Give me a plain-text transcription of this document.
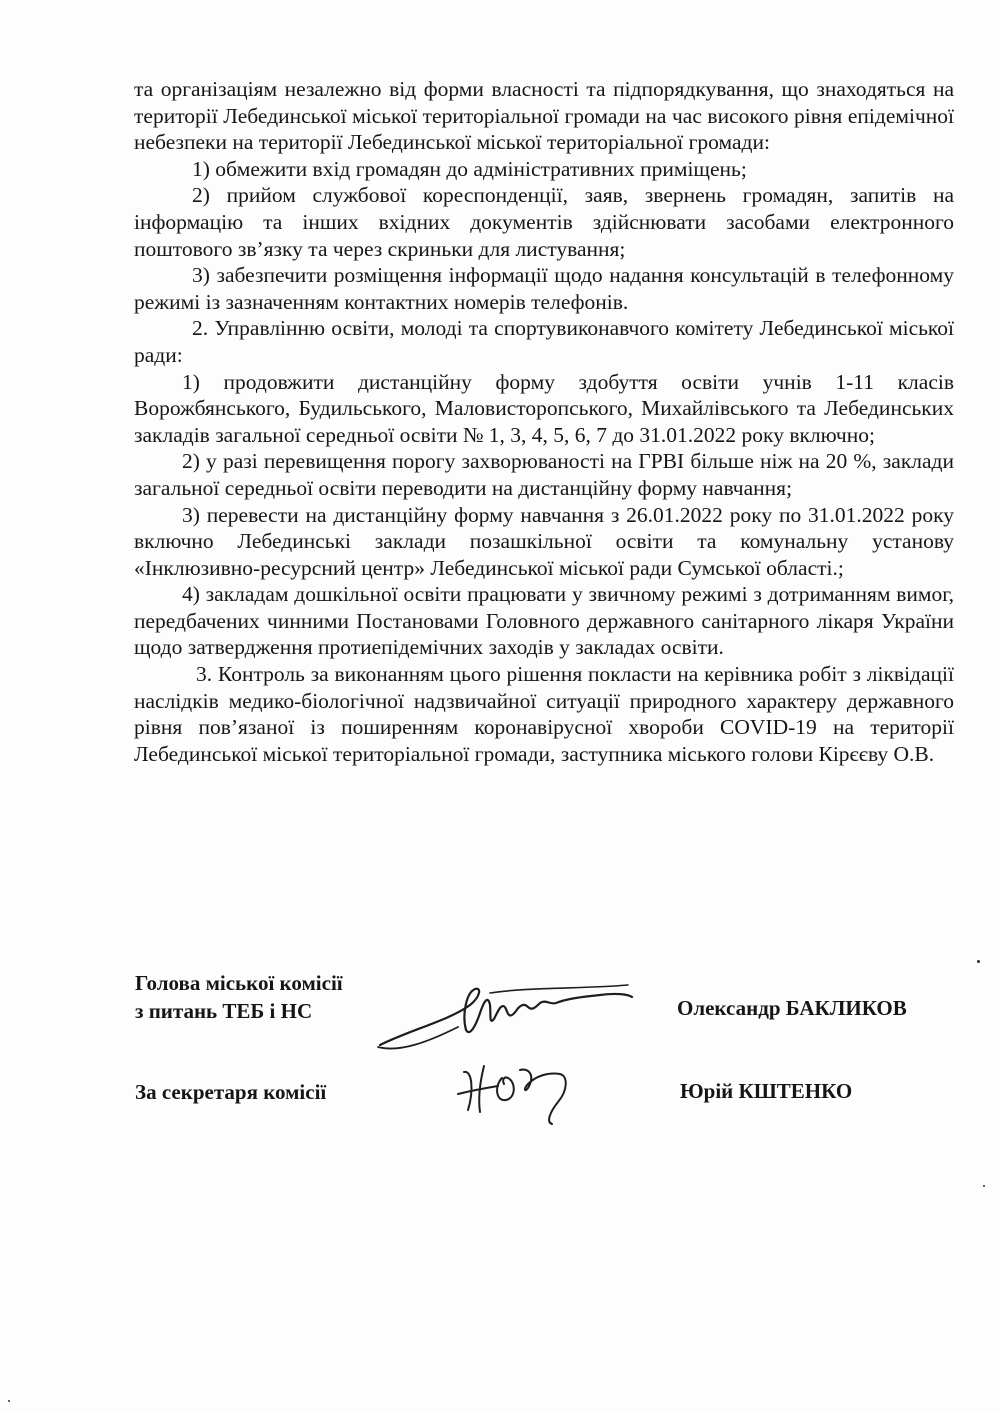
та організаціям незалежно від форми власності та підпорядкування, що знаходяться на території Лебединської міської територіальної громади на час високого рівня епідемічної небезпеки на території Лебединської міської територіальної громади:

1) обмежити вхід громадян до адміністративних приміщень;

2) прийом службової кореспонденції, заяв, звернень громадян, запитів на інформацію та інших вхідних документів здійснювати засобами електронного поштового зв’язку та через скриньки для листування;

3) забезпечити розміщення інформації щодо надання консультацій в телефонному режимі із зазначенням контактних номерів телефонів.

2. Управлінню освіти, молоді та спортувиконавчого комітету Лебединської міської ради:

1) продовжити дистанційну форму здобуття освіти учнів 1-11 класів Ворожбянського, Будильського, Маловисторопського, Михайлівського та Лебединських закладів загальної середньої освіти № 1, 3, 4, 5, 6, 7 до 31.01.2022 року включно;

2) у разі перевищення порогу захворюваності на ГРВІ більше ніж на 20 %, заклади загальної середньої освіти переводити на дистанційну форму навчання;

3) перевести на дистанційну форму навчання з 26.01.2022 року по 31.01.2022 року включно Лебединські заклади позашкільної освіти та комунальну установу «Інклюзивно-ресурсний центр» Лебединської міської ради Сумської області.;

4) закладам дошкільної освіти працювати у звичному режимі з дотриманням вимог, передбачених чинними Постановами Головного державного санітарного лікаря України щодо затвердження протиепідемічних заходів у закладах освіти.

3. Контроль за виконанням цього рішення покласти на керівника робіт з ліквідації наслідків медико-біологічної надзвичайної ситуації природного характеру державного рівня пов’язаної із поширенням коронавірусної хвороби COVID-19 на території Лебединської міської територіальної громади, заступника міського голови Кірєєву О.В.

Голова міської комісії
з питань ТЕБ і НС	Олександр БАКЛИКОВ
За секретаря комісії	Юрій КШТЕНКО
